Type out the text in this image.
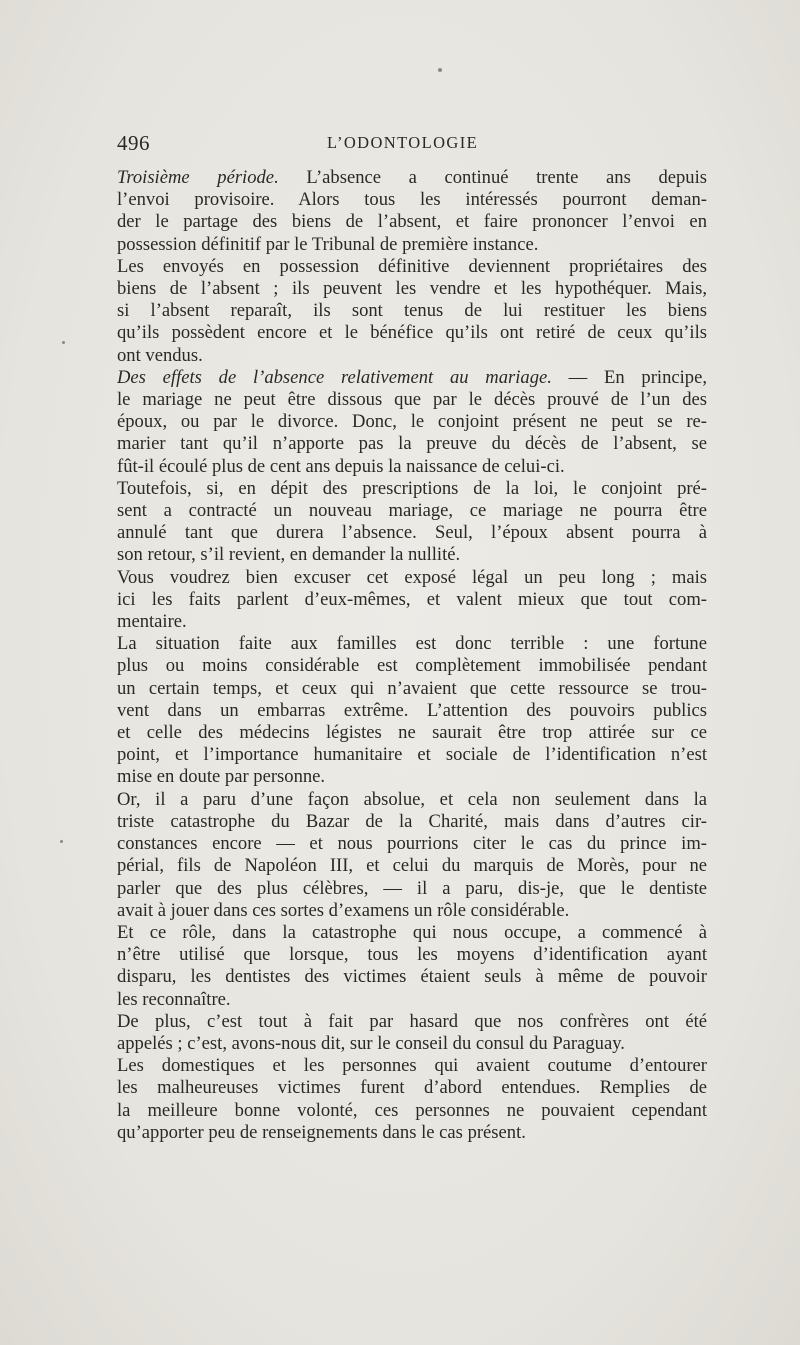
496	L’ODONTOLOGIE

Troisième période. L’absence a continué trente ans depuis
l’envoi provisoire. Alors tous les intéressés pourront deman-
der le partage des biens de l’absent, et faire prononcer l’envoi en
possession définitif par le Tribunal de première instance.

Les envoyés en possession définitive deviennent propriétaires des
biens de l’absent ; ils peuvent les vendre et les hypothéquer. Mais,
si l’absent reparaît, ils sont tenus de lui restituer les biens
qu’ils possèdent encore et le bénéfice qu’ils ont retiré de ceux qu’ils
ont vendus.

Des effets de l’absence relativement au mariage. — En principe,
le mariage ne peut être dissous que par le décès prouvé de l’un des
époux, ou par le divorce. Donc, le conjoint présent ne peut se re-
marier tant qu’il n’apporte pas la preuve du décès de l’absent, se
fût-il écoulé plus de cent ans depuis la naissance de celui-ci.

Toutefois, si, en dépit des prescriptions de la loi, le conjoint pré-
sent a contracté un nouveau mariage, ce mariage ne pourra être
annulé tant que durera l’absence. Seul, l’époux absent pourra à
son retour, s’il revient, en demander la nullité.

Vous voudrez bien excuser cet exposé légal un peu long ; mais
ici les faits parlent d’eux-mêmes, et valent mieux que tout com-
mentaire.

La situation faite aux familles est donc terrible : une fortune
plus ou moins considérable est complètement immobilisée pendant
un certain temps, et ceux qui n’avaient que cette ressource se trou-
vent dans un embarras extrême. L’attention des pouvoirs publics
et celle des médecins légistes ne saurait être trop attirée sur ce
point, et l’importance humanitaire et sociale de l’identification n’est
mise en doute par personne.

Or, il a paru d’une façon absolue, et cela non seulement dans la
triste catastrophe du Bazar de la Charité, mais dans d’autres cir-
constances encore — et nous pourrions citer le cas du prince im-
périal, fils de Napoléon III, et celui du marquis de Morès, pour ne
parler que des plus célèbres, — il a paru, dis-je, que le dentiste
avait à jouer dans ces sortes d’examens un rôle considérable.

Et ce rôle, dans la catastrophe qui nous occupe, a commencé à
n’être utilisé que lorsque, tous les moyens d’identification ayant
disparu, les dentistes des victimes étaient seuls à même de pouvoir
les reconnaître.

De plus, c’est tout à fait par hasard que nos confrères ont été
appelés ; c’est, avons-nous dit, sur le conseil du consul du Paraguay.

Les domestiques et les personnes qui avaient coutume d’entourer
les malheureuses victimes furent d’abord entendues. Remplies de
la meilleure bonne volonté, ces personnes ne pouvaient cependant
qu’apporter peu de renseignements dans le cas présent.
